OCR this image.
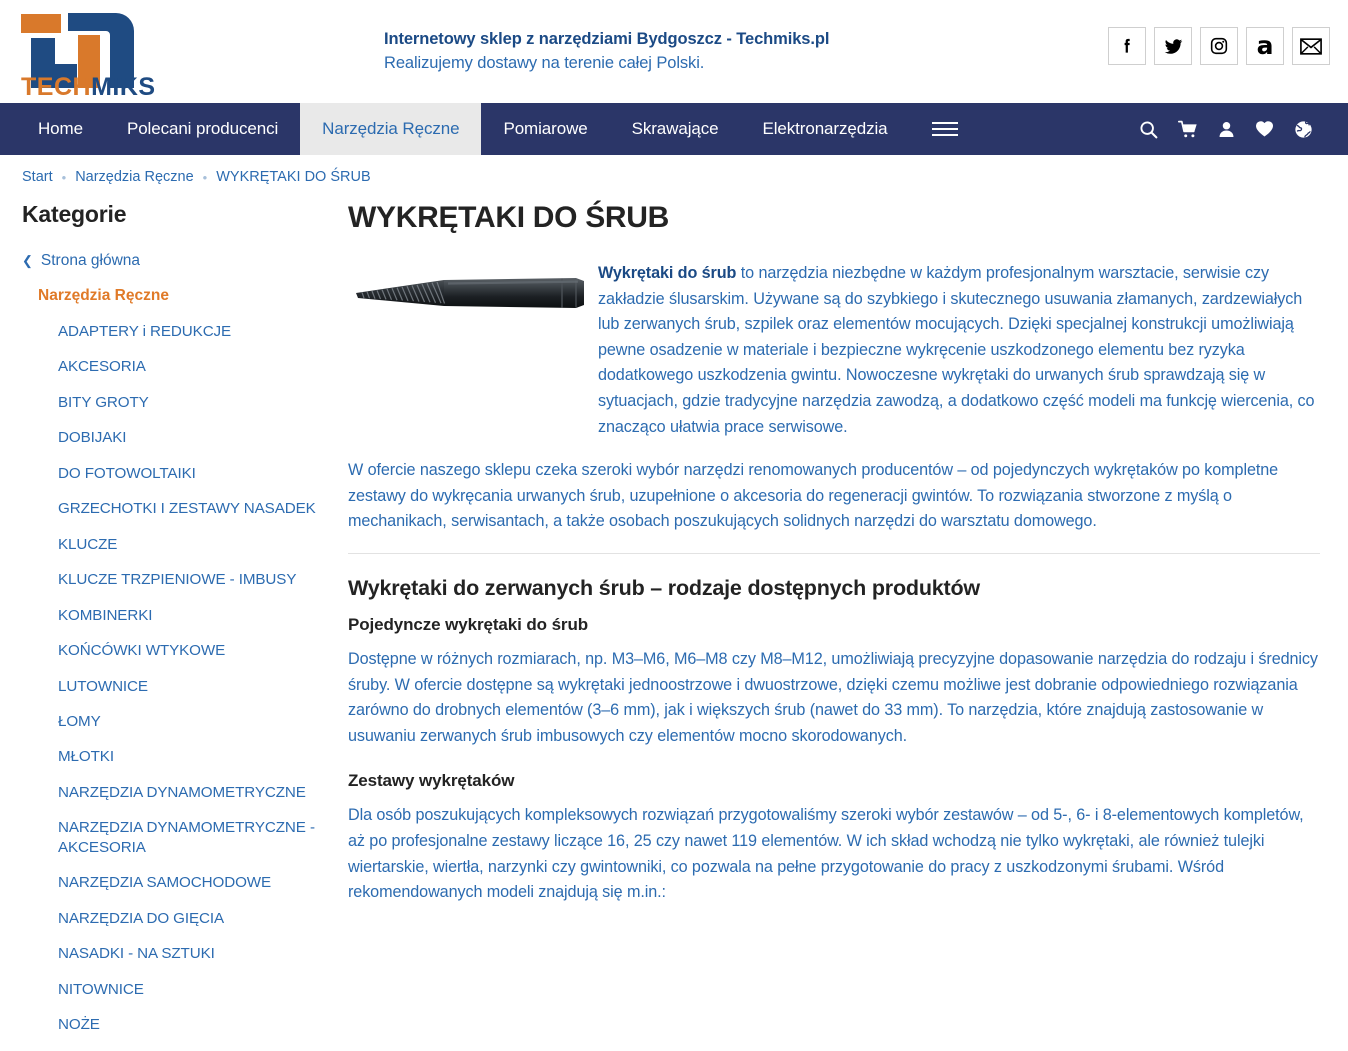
TECHMIKS
Internetowy sklep z narzędziami Bydgoszcz - Techmiks.pl
Realizujemy dostawy na terenie całej Polski.
a
Home	Polecani producenci	Narzędzia Ręczne	Pomiarowe	Skrawające	Elektronarzędzia
Start • Narzędzia Ręczne • WYKRĘTAKI DO ŚRUB
Kategorie
❮ Strona główna
Narzędzia Ręczne
ADAPTERY i REDUKCJE
AKCESORIA
BITY GROTY
DOBIJAKI
DO FOTOWOLTAIKI
GRZECHOTKI I ZESTAWY NASADEK
KLUCZE
KLUCZE TRZPIENIOWE - IMBUSY
KOMBINERKI
KOŃCÓWKI WTYKOWE
LUTOWNICE
ŁOMY
MŁOTKI
NARZĘDZIA DYNAMOMETRYCZNE
NARZĘDZIA DYNAMOMETRYCZNE - AKCESORIA
NARZĘDZIA SAMOCHODOWE
NARZĘDZIA DO GIĘCIA
NASADKI - NA SZTUKI
NITOWNICE
NOŻE
WYKRĘTAKI DO ŚRUB

Wykrętaki do śrub to narzędzia niezbędne w każdym profesjonalnym warsztacie, serwisie czy zakładzie ślusarskim. Używane są do szybkiego i skutecznego usuwania złamanych, zardzewiałych lub zerwanych śrub, szpilek oraz elementów mocujących. Dzięki specjalnej konstrukcji umożliwiają pewne osadzenie w materiale i bezpieczne wykręcenie uszkodzonego elementu bez ryzyka dodatkowego uszkodzenia gwintu. Nowoczesne wykrętaki do urwanych śrub sprawdzają się w sytuacjach, gdzie tradycyjne narzędzia zawodzą, a dodatkowo część modeli ma funkcję wiercenia, co znacząco ułatwia prace serwisowe.

W ofercie naszego sklepu czeka szeroki wybór narzędzi renomowanych producentów – od pojedynczych wykrętaków po kompletne zestawy do wykręcania urwanych śrub, uzupełnione o akcesoria do regeneracji gwintów. To rozwiązania stworzone z myślą o mechanikach, serwisantach, a także osobach poszukujących solidnych narzędzi do warsztatu domowego.

Wykrętaki do zerwanych śrub – rodzaje dostępnych produktów
Pojedyncze wykrętaki do śrub

Dostępne w różnych rozmiarach, np. M3–M6, M6–M8 czy M8–M12, umożliwiają precyzyjne dopasowanie narzędzia do rodzaju i średnicy śruby. W ofercie dostępne są wykrętaki jednoostrzowe i dwuostrzowe, dzięki czemu możliwe jest dobranie odpowiedniego rozwiązania zarówno do drobnych elementów (3–6 mm), jak i większych śrub (nawet do 33 mm). To narzędzia, które znajdują zastosowanie w usuwaniu zerwanych śrub imbusowych czy elementów mocno skorodowanych.

Zestawy wykrętaków

Dla osób poszukujących kompleksowych rozwiązań przygotowaliśmy szeroki wybór zestawów – od 5-, 6- i 8-elementowych kompletów, aż po profesjonalne zestawy liczące 16, 25 czy nawet 119 elementów. W ich skład wchodzą nie tylko wykrętaki, ale również tulejki wiertarskie, wiertła, narzynki czy gwintowniki, co pozwala na pełne przygotowanie do pracy z uszkodzonymi śrubami. Wśród rekomendowanych modeli znajdują się m.in.:
